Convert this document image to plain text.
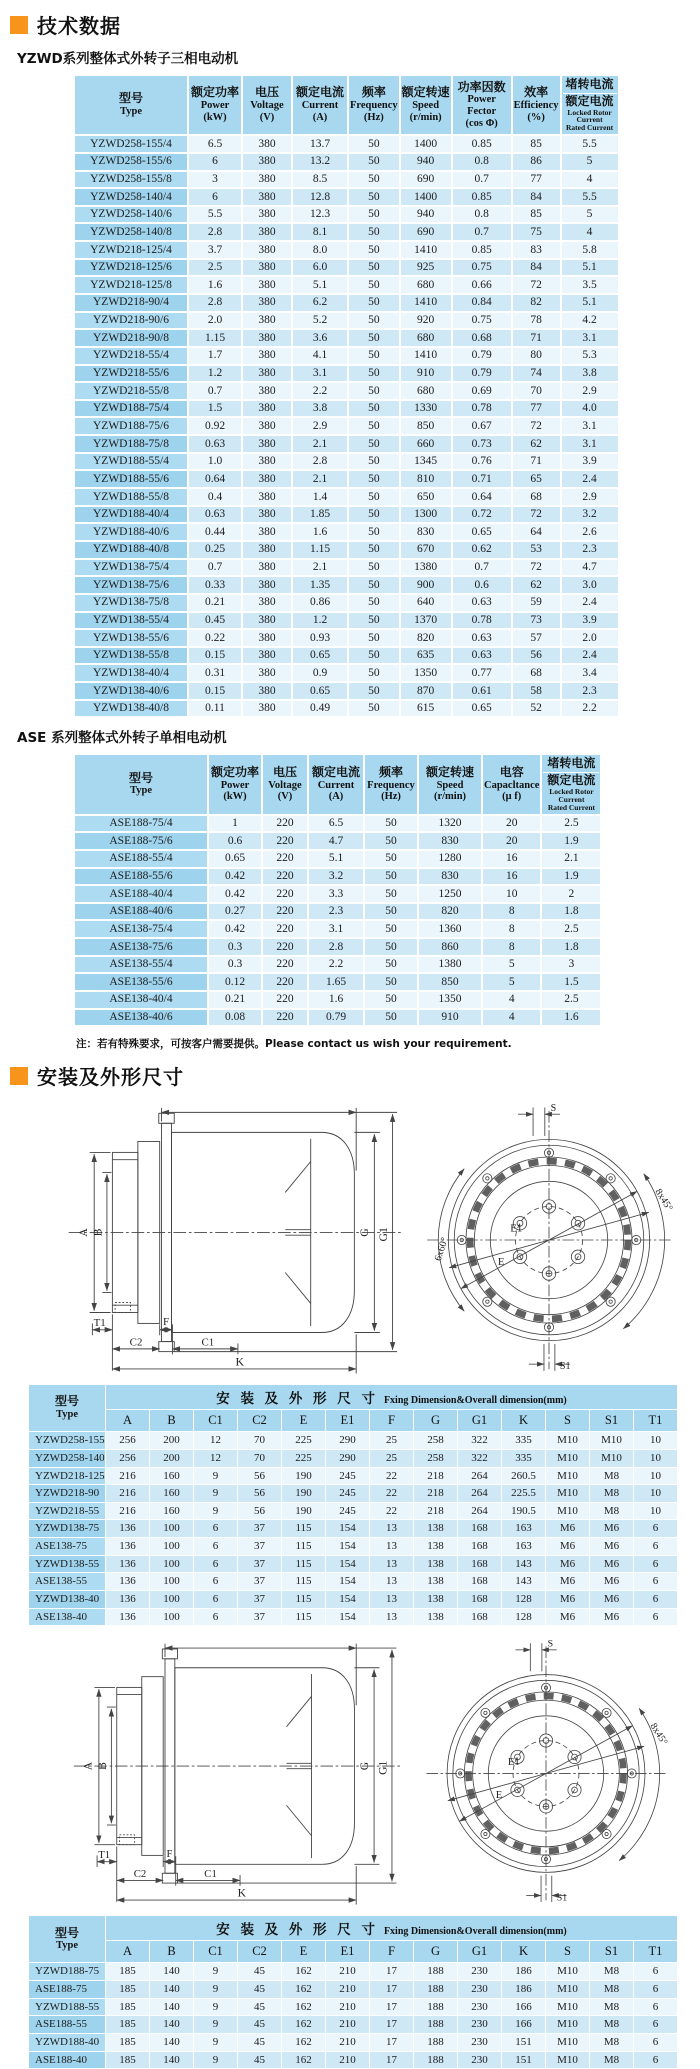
技术数据
YZWD系列整体式外转子三相电动机
型号
Type

额定功率
Power
(kW)

电压
Voltage
(V)

额定电流
Current
(A)

频率
Frequency
(Hz)

额定转速
Speed
(r/min)

功率因数
Power Fector
(cos Φ)

效率
Efficiency
(%)

堵转电流
额定电流
Locked Rotor Current
Rated Current

YZWD258-155/4	6.5	380	13.7	50	1400	0.85	85	5.5
YZWD258-155/6	6	380	13.2	50	940	0.8	86	5
YZWD258-155/8	3	380	8.5	50	690	0.7	77	4
YZWD258-140/4	6	380	12.8	50	1400	0.85	84	5.5
YZWD258-140/6	5.5	380	12.3	50	940	0.8	85	5
YZWD258-140/8	2.8	380	8.1	50	690	0.7	75	4
YZWD218-125/4	3.7	380	8.0	50	1410	0.85	83	5.8
YZWD218-125/6	2.5	380	6.0	50	925	0.75	84	5.1
YZWD218-125/8	1.6	380	5.1	50	680	0.66	72	3.5
YZWD218-90/4	2.8	380	6.2	50	1410	0.84	82	5.1
YZWD218-90/6	2.0	380	5.2	50	920	0.75	78	4.2
YZWD218-90/8	1.15	380	3.6	50	680	0.68	71	3.1
YZWD218-55/4	1.7	380	4.1	50	1410	0.79	80	5.3
YZWD218-55/6	1.2	380	3.1	50	910	0.79	74	3.8
YZWD218-55/8	0.7	380	2.2	50	680	0.69	70	2.9
YZWD188-75/4	1.5	380	3.8	50	1330	0.78	77	4.0
YZWD188-75/6	0.92	380	2.9	50	850	0.67	72	3.1
YZWD188-75/8	0.63	380	2.1	50	660	0.73	62	3.1
YZWD188-55/4	1.0	380	2.8	50	1345	0.76	71	3.9
YZWD188-55/6	0.64	380	2.1	50	810	0.71	65	2.4
YZWD188-55/8	0.4	380	1.4	50	650	0.64	68	2.9
YZWD188-40/4	0.63	380	1.85	50	1300	0.72	72	3.2
YZWD188-40/6	0.44	380	1.6	50	830	0.65	64	2.6
YZWD188-40/8	0.25	380	1.15	50	670	0.62	53	2.3
YZWD138-75/4	0.7	380	2.1	50	1380	0.7	72	4.7
YZWD138-75/6	0.33	380	1.35	50	900	0.6	62	3.0
YZWD138-75/8	0.21	380	0.86	50	640	0.63	59	2.4
YZWD138-55/4	0.45	380	1.2	50	1370	0.78	73	3.9
YZWD138-55/6	0.22	380	0.93	50	820	0.63	57	2.0
YZWD138-55/8	0.15	380	0.65	50	635	0.63	56	2.4
YZWD138-40/4	0.31	380	0.9	50	1350	0.77	68	3.4
YZWD138-40/6	0.15	380	0.65	50	870	0.61	58	2.3
YZWD138-40/8	0.11	380	0.49	50	615	0.65	52	2.2
ASE 系列整体式外转子单相电动机
型号
Type

额定功率
Power
(kW)

电压
Voltage
(V)

额定电流
Current
(A)

频率
Frequency
(Hz)

额定转速
Speed
(r/min)

电容
Capacltance
(μ f)

堵转电流
额定电流
Locked Rotor Current
Rated Current

ASE188-75/4	1	220	6.5	50	1320	20	2.5
ASE188-75/6	0.6	220	4.7	50	830	20	1.9
ASE188-55/4	0.65	220	5.1	50	1280	16	2.1
ASE188-55/6	0.42	220	3.2	50	830	16	1.9
ASE188-40/4	0.42	220	3.3	50	1250	10	2
ASE188-40/6	0.27	220	2.3	50	820	8	1.8
ASE138-75/4	0.42	220	3.1	50	1360	8	2.5
ASE138-75/6	0.3	220	2.8	50	860	8	1.8
ASE138-55/4	0.3	220	2.2	50	1380	5	3
ASE138-55/6	0.12	220	1.65	50	850	5	1.5
ASE138-40/4	0.21	220	1.6	50	1350	4	2.5
ASE138-40/6	0.08	220	0.79	50	910	4	1.6
注：若有特殊要求，可按客户需要提供。Please contact us wish your requirement.
安装及外形尺寸
6x60°
型号
Type	安 装 及 外 形 尺 寸 Fxing Dimension&Overall dimension(mm)												
	A	B	C1	C2	E	E1	F	G	G1	K	S	S1	T1
YZWD258-155	256	200	12	70	225	290	25	258	322	335	M10	M10	10
YZWD258-140	256	200	12	70	225	290	25	258	322	335	M10	M10	10
YZWD218-125	216	160	9	56	190	245	22	218	264	260.5	M10	M8	10
YZWD218-90	216	160	9	56	190	245	22	218	264	225.5	M10	M8	10
YZWD218-55	216	160	9	56	190	245	22	218	264	190.5	M10	M8	10
YZWD138-75	136	100	6	37	115	154	13	138	168	163	M6	M6	6
ASE138-75	136	100	6	37	115	154	13	138	168	163	M6	M6	6
YZWD138-55	136	100	6	37	115	154	13	138	168	143	M6	M6	6
ASE138-55	136	100	6	37	115	154	13	138	168	143	M6	M6	6
YZWD138-40	136	100	6	37	115	154	13	138	168	128	M6	M6	6
ASE138-40	136	100	6	37	115	154	13	138	168	128	M6	M6	6
型号
Type	安 装 及 外 形 尺 寸 Fxing Dimension&Overall dimension(mm)												
	A	B	C1	C2	E	E1	F	G	G1	K	S	S1	T1
YZWD188-75	185	140	9	45	162	210	17	188	230	186	M10	M8	6
ASE188-75	185	140	9	45	162	210	17	188	230	186	M10	M8	6
YZWD188-55	185	140	9	45	162	210	17	188	230	166	M10	M8	6
ASE188-55	185	140	9	45	162	210	17	188	230	166	M10	M8	6
YZWD188-40	185	140	9	45	162	210	17	188	230	151	M10	M8	6
ASE188-40	185	140	9	45	162	210	17	188	230	151	M10	M8	6
